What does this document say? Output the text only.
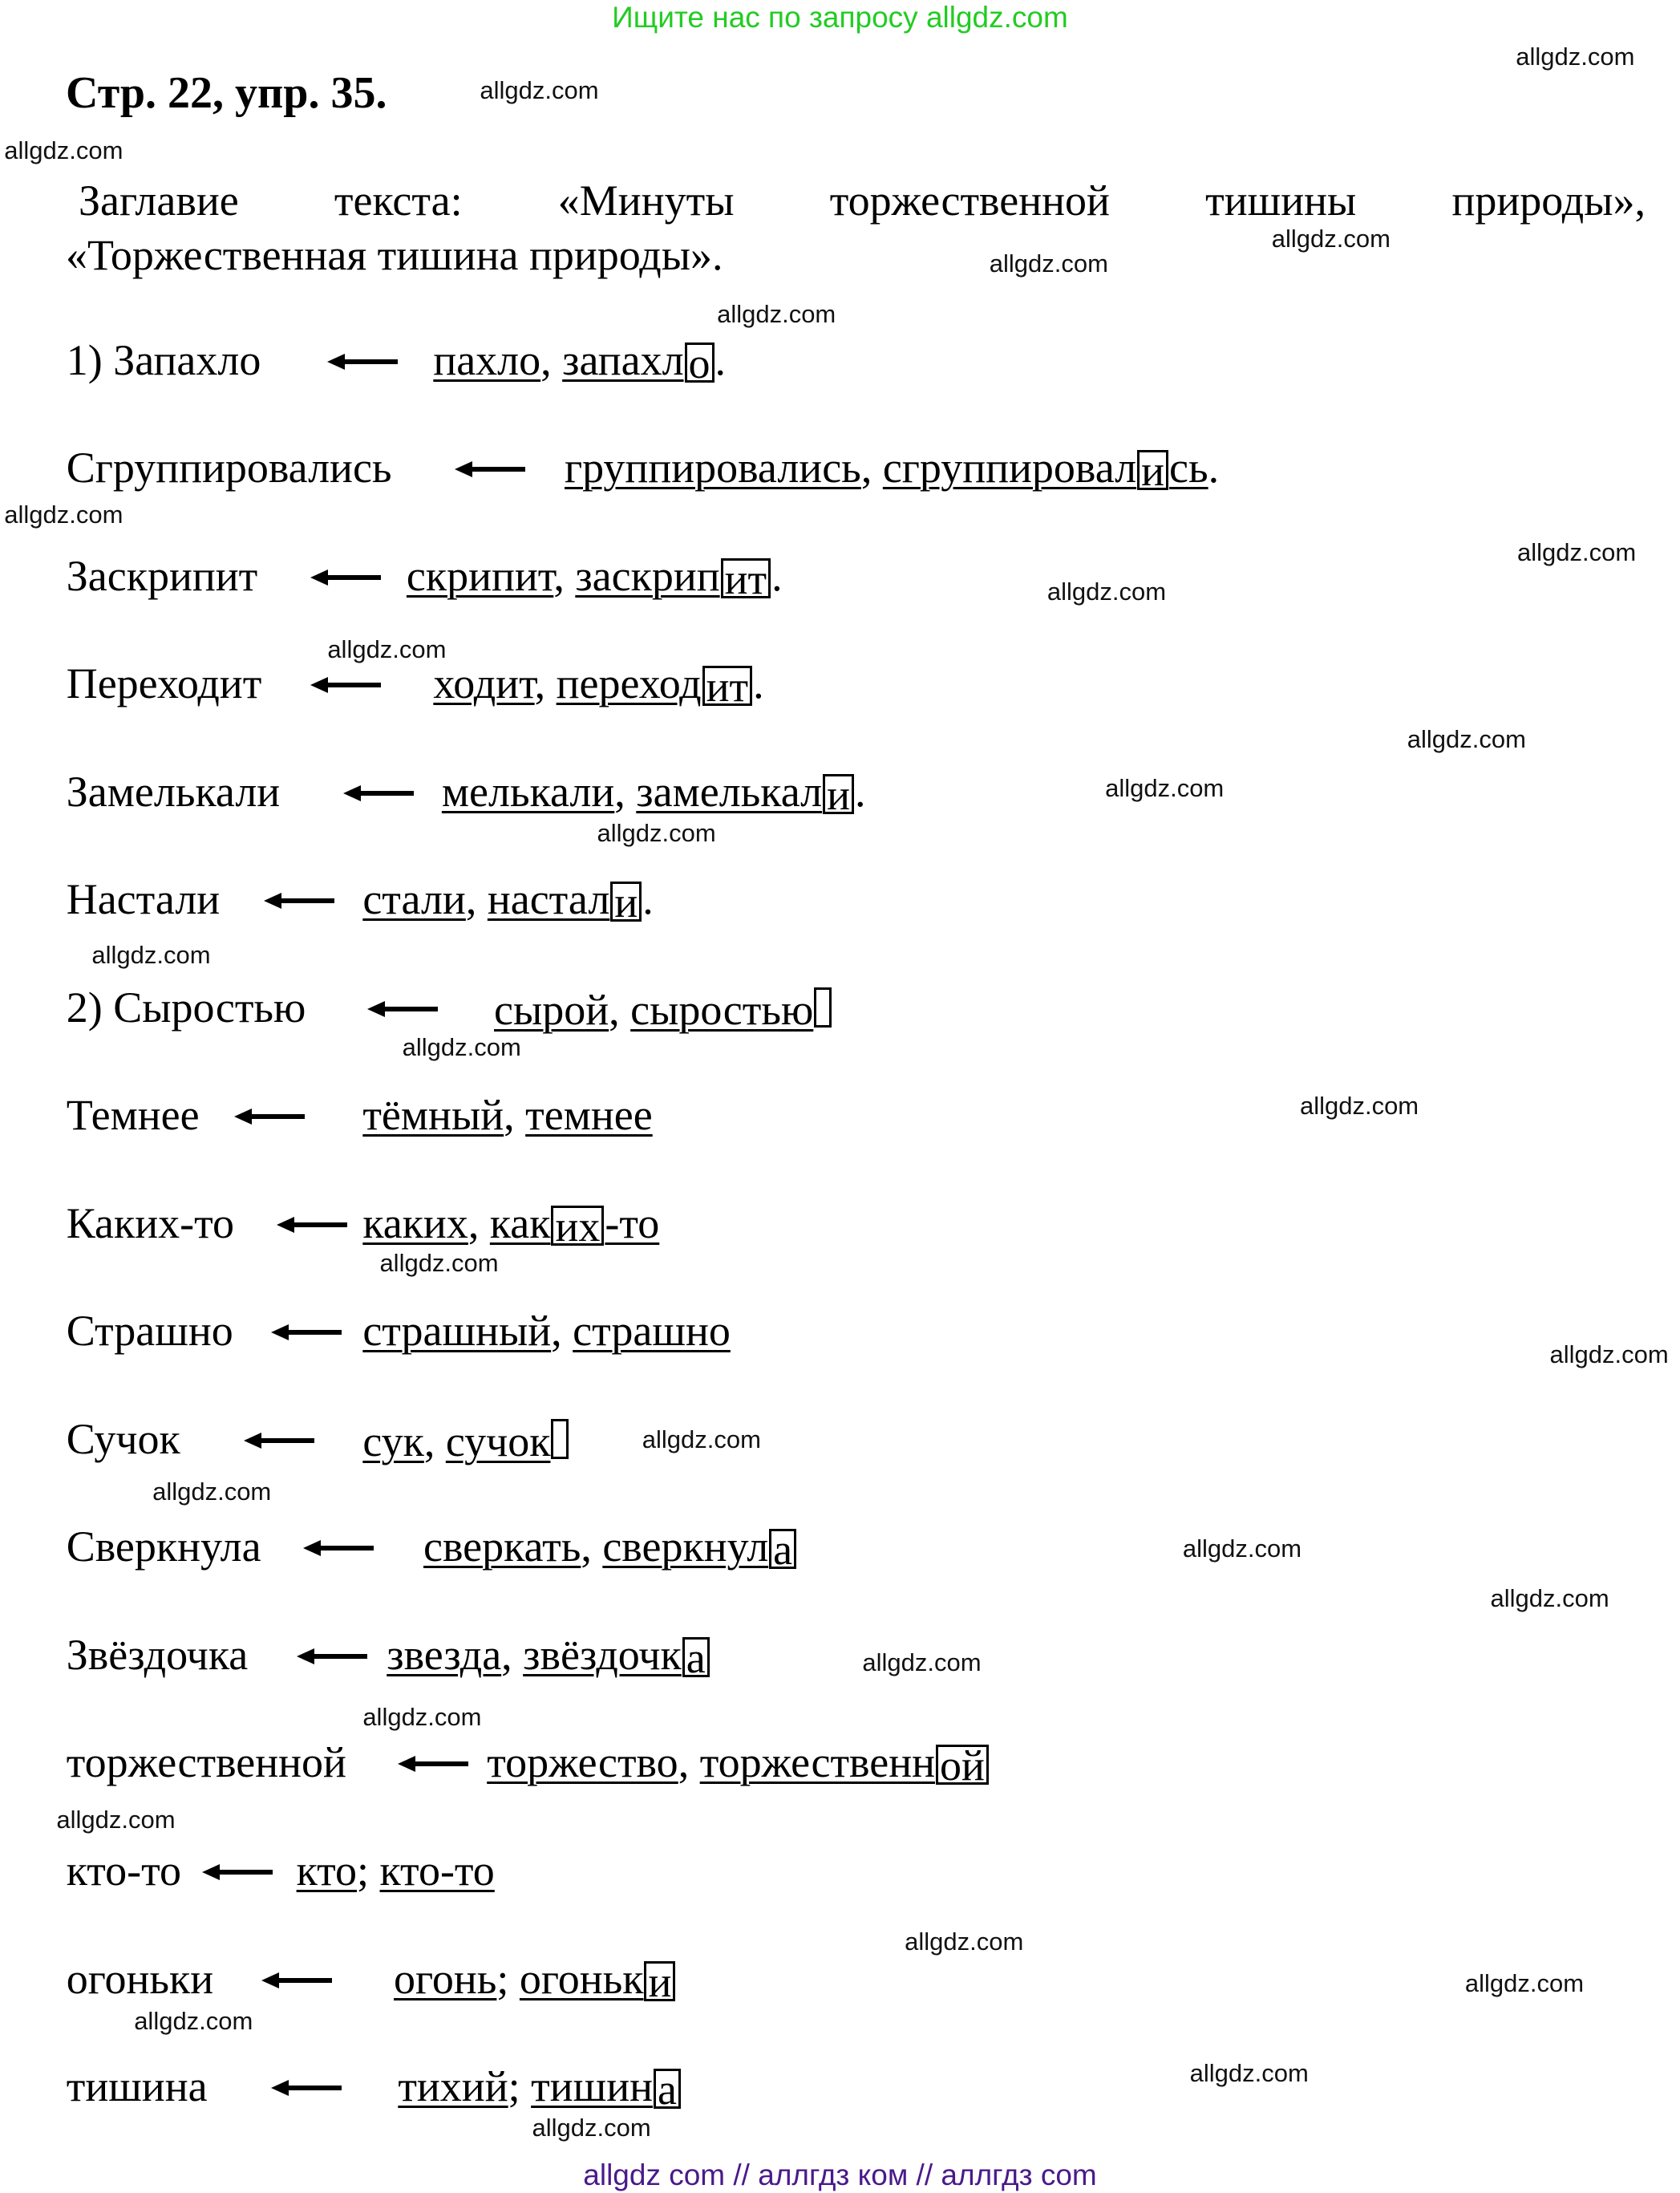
Ищите нас по запросу allgdz.com
Стр. 22, упр. 35.
Заглавие текста: «Минуты торжественной тишины природы»,
«Торжественная тишина природы».
1) Запахло	пахло, запахл о .
Сгруппировались	группировались, сгруппировал и сь.
Заскрипит	скрипит, заскрип ит .
Переходит	ходит, переход ит .
Замелькали	мелькали, замелькал и .
Настали	стали, настал и .
2) Сыростью	сырой, сыростью
Темнее	тёмный, темнее
Каких-то	каких, как их -то
Страшно	страшный, страшно
Сучок	сук, сучок
Сверкнула	сверкать, сверкнул а
Звёздочка	звезда, звёздочк а
торжественной	торжество, торжественн ой
кто-то	кто; кто-то
огоньки	огонь; огоньк и
тишина	тихий; тишин а
allgdz.com
allgdz.com
allgdz.com
allgdz.com
allgdz.com
allgdz.com
allgdz.com
allgdz.com
allgdz.com
allgdz.com
allgdz.com
allgdz.com
allgdz.com
allgdz.com
allgdz.com
allgdz.com
allgdz.com
allgdz.com
allgdz.com
allgdz.com
allgdz.com
allgdz.com
allgdz.com
allgdz.com
allgdz.com
allgdz.com
allgdz.com
allgdz.com
allgdz.com
allgdz.com
allgdz com // аллгдз ком // аллгдз com
